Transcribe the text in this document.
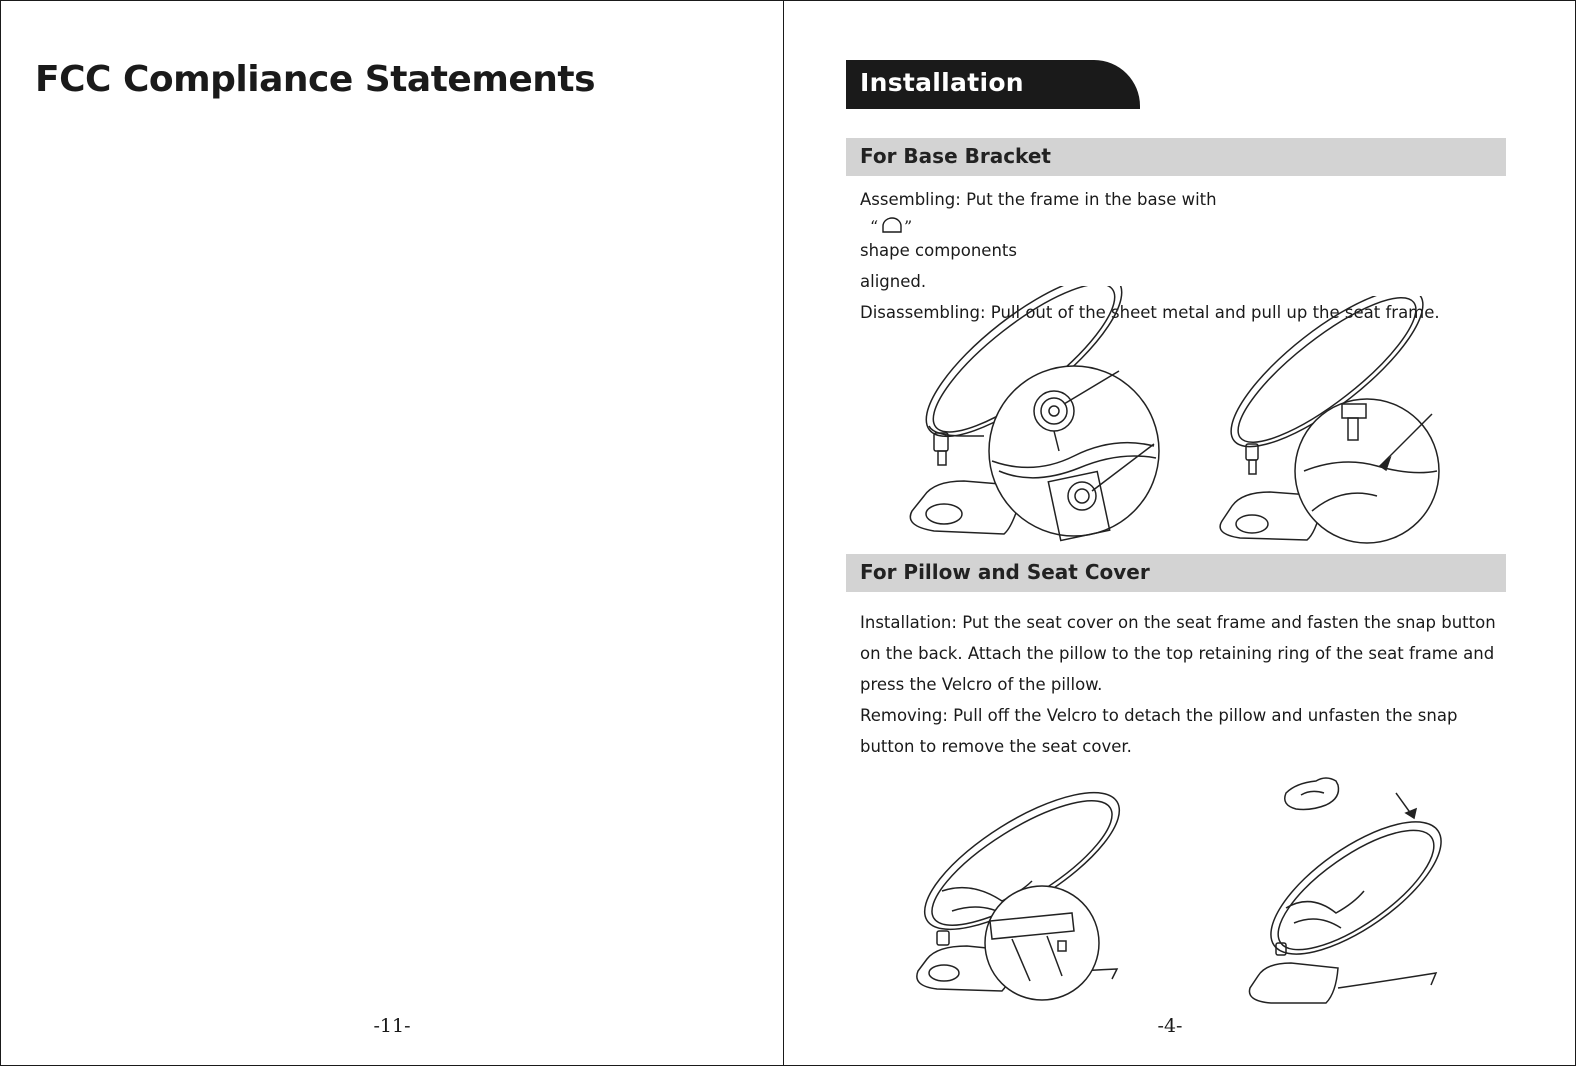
FCC Compliance Statements
-11-
Installation
For Base Bracket
Assembling: Put the frame in the base with
“ ”
shape components
aligned.
Disassembling: Pull out of the sheet metal and pull up the seat frame.
For Pillow and Seat Cover
Installation: Put the seat cover on the seat frame and fasten the snap button
on the back. Attach the pillow to the top retaining ring of the seat frame and
press the Velcro of the pillow.
Removing: Pull off the Velcro to detach the pillow and unfasten the snap
button to remove the seat cover.
-4-
